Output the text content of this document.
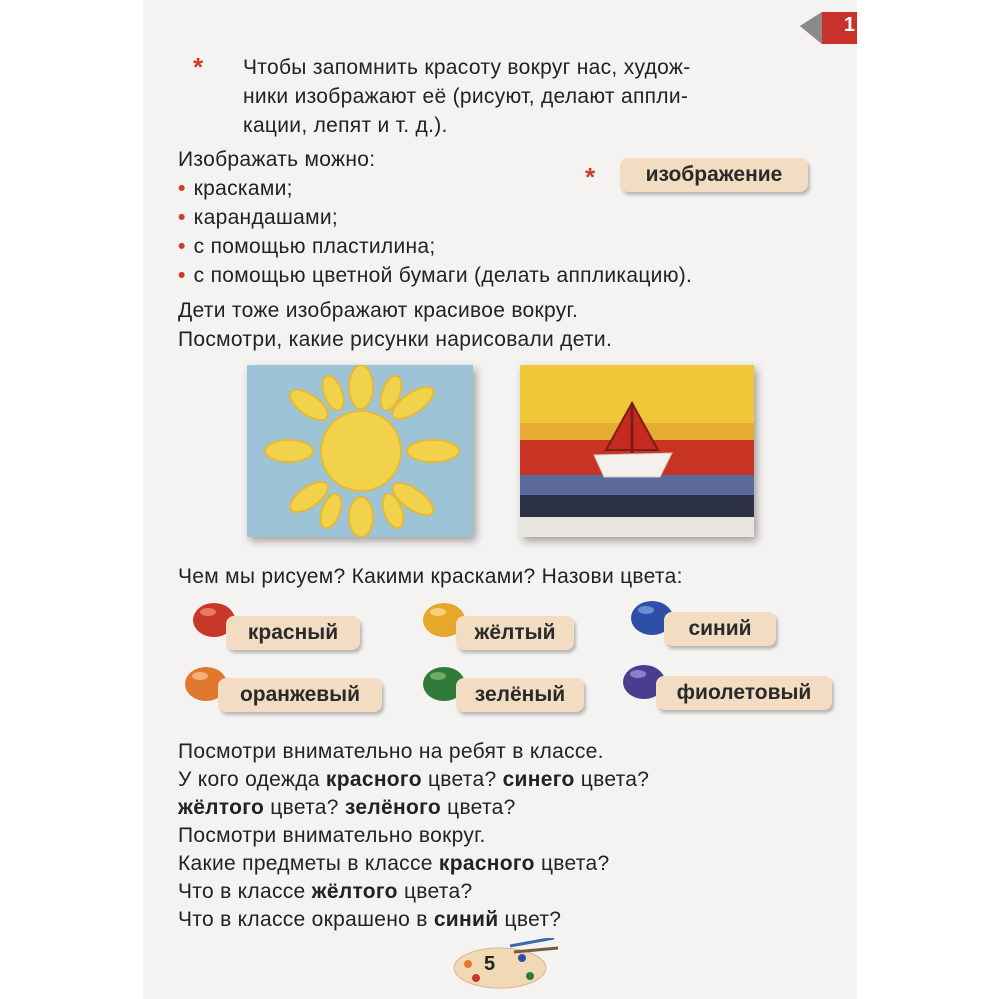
1
* Чтобы запомнить красоту вокруг нас, худож-
ники изображают её (рисуют, делают аппли-
кации, лепят и т. д.).
Изображать можно:
• красками;
• карандашами;
• с помощью пластилина;
• с помощью цветной бумаги (делать аппликацию).
*	изображение
Дети тоже изображают красивое вокруг.
Посмотри, какие рисунки нарисовали дети.
Чем мы рисуем? Какими красками? Назови цвета:
красный	жёлтый	синий
оранжевый	зелёный	фиолетовый
Посмотри внимательно на ребят в классе.
У кого одежда красного цвета? синего цвета?
жёлтого цвета? зелёного цвета?
Посмотри внимательно вокруг.
Какие предметы в классе красного цвета?
Что в классе жёлтого цвета?
Что в классе окрашено в синий цвет?
5
